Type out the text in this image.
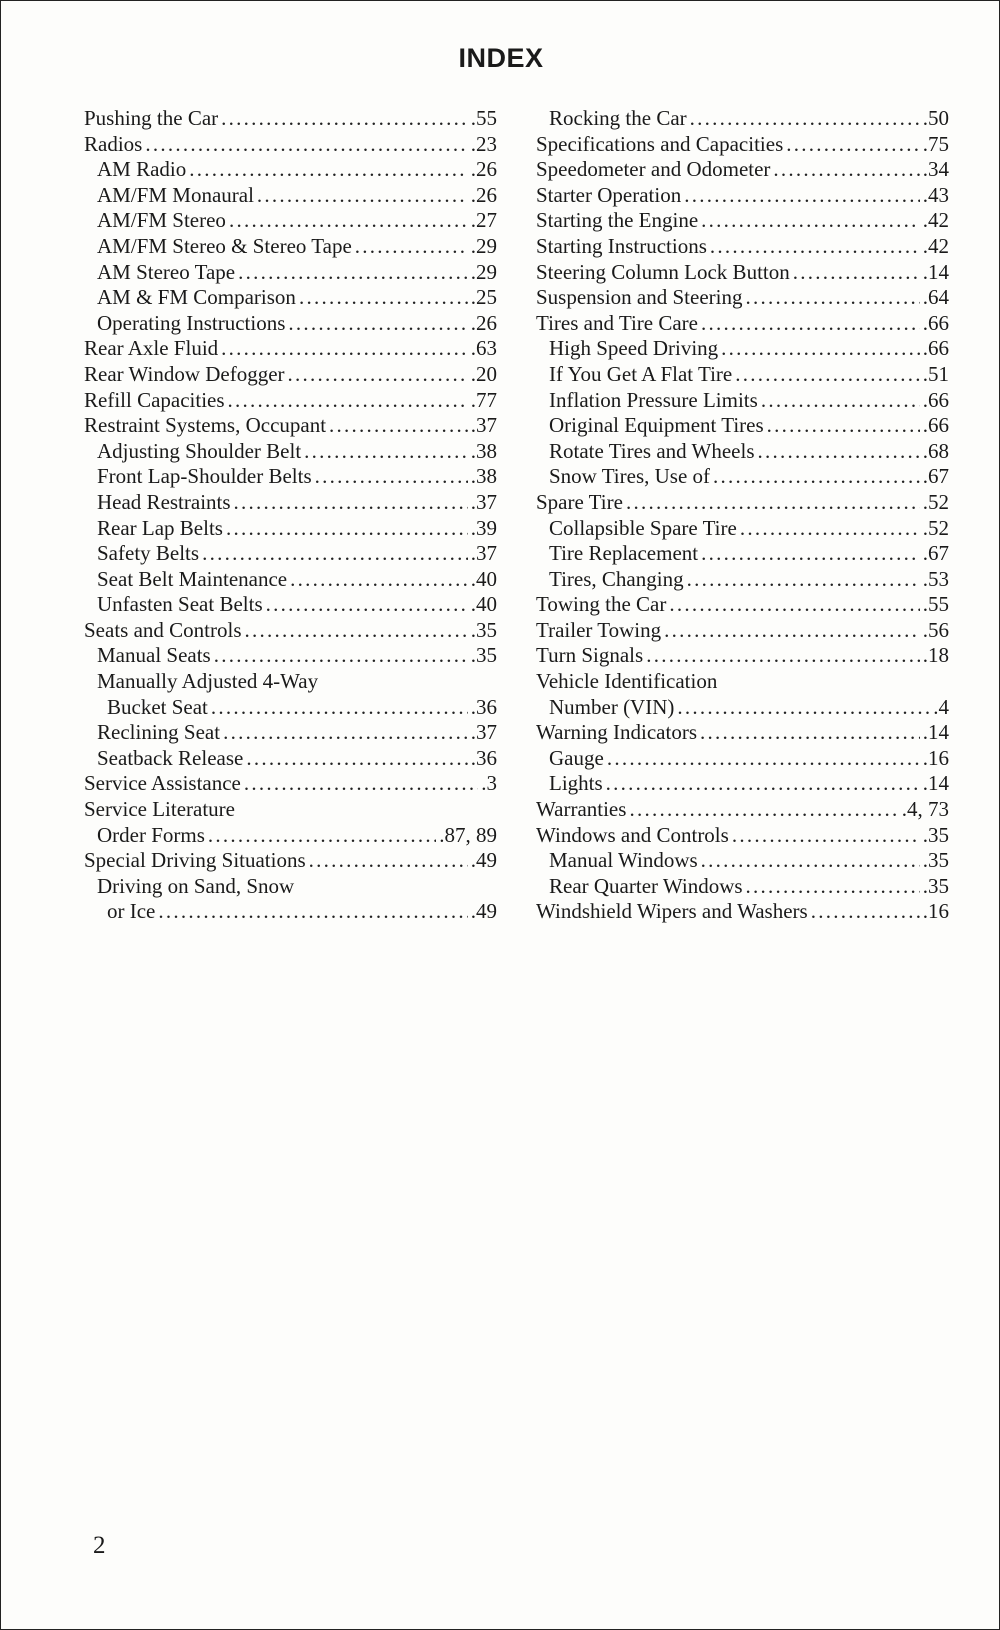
INDEX
Pushing the Car . . .	.55
Radios . . .	.23
AM Radio . . .	.26
AM/FM Monaural . . .	.26
AM/FM Stereo . . .	.27
AM/FM Stereo & Stereo Tape . . .	.29
AM Stereo Tape . . .	.29
AM & FM Comparison . . .	.25
Operating Instructions . . .	.26
Rear Axle Fluid . . .	.63
Rear Window Defogger . . .	.20
Refill Capacities . . .	.77
Restraint Systems, Occupant . . .	.37
Adjusting Shoulder Belt . . .	.38
Front Lap-Shoulder Belts . . .	.38
Head Restraints . . .	.37
Rear Lap Belts . . .	.39
Safety Belts . . .	.37
Seat Belt Maintenance . . .	.40
Unfasten Seat Belts . . .	.40
Seats and Controls . . .	.35
Manual Seats . . .	.35
Manually Adjusted 4-Way
Bucket Seat . . .	.36
Reclining Seat . . .	.37
Seatback Release . . .	.36
Service Assistance . . .	.3
Service Literature
Order Forms . . .	.87, 89
Special Driving Situations . . .	.49
Driving on Sand, Snow
or Ice . . .	.49
Rocking the Car . . .	.50
Specifications and Capacities . . .	.75
Speedometer and Odometer . . .	.34
Starter Operation . . .	.43
Starting the Engine . . .	.42
Starting Instructions . . .	.42
Steering Column Lock Button . . .	.14
Suspension and Steering . . .	.64
Tires and Tire Care . . .	.66
High Speed Driving . . .	.66
If You Get A Flat Tire . . .	.51
Inflation Pressure Limits . . .	.66
Original Equipment Tires . . .	.66
Rotate Tires and Wheels . . .	.68
Snow Tires, Use of . . .	.67
Spare Tire . . .	.52
Collapsible Spare Tire . . .	.52
Tire Replacement . . .	.67
Tires, Changing . . .	.53
Towing the Car . . .	.55
Trailer Towing . . .	.56
Turn Signals . . .	.18
Vehicle Identification
Number (VIN) . . .	.4
Warning Indicators . . .	.14
Gauge . . .	.16
Lights . . .	.14
Warranties . . .	.4, 73
Windows and Controls . . .	.35
Manual Windows . . .	.35
Rear Quarter Windows . . .	.35
Windshield Wipers and Washers . . .	.16
2
